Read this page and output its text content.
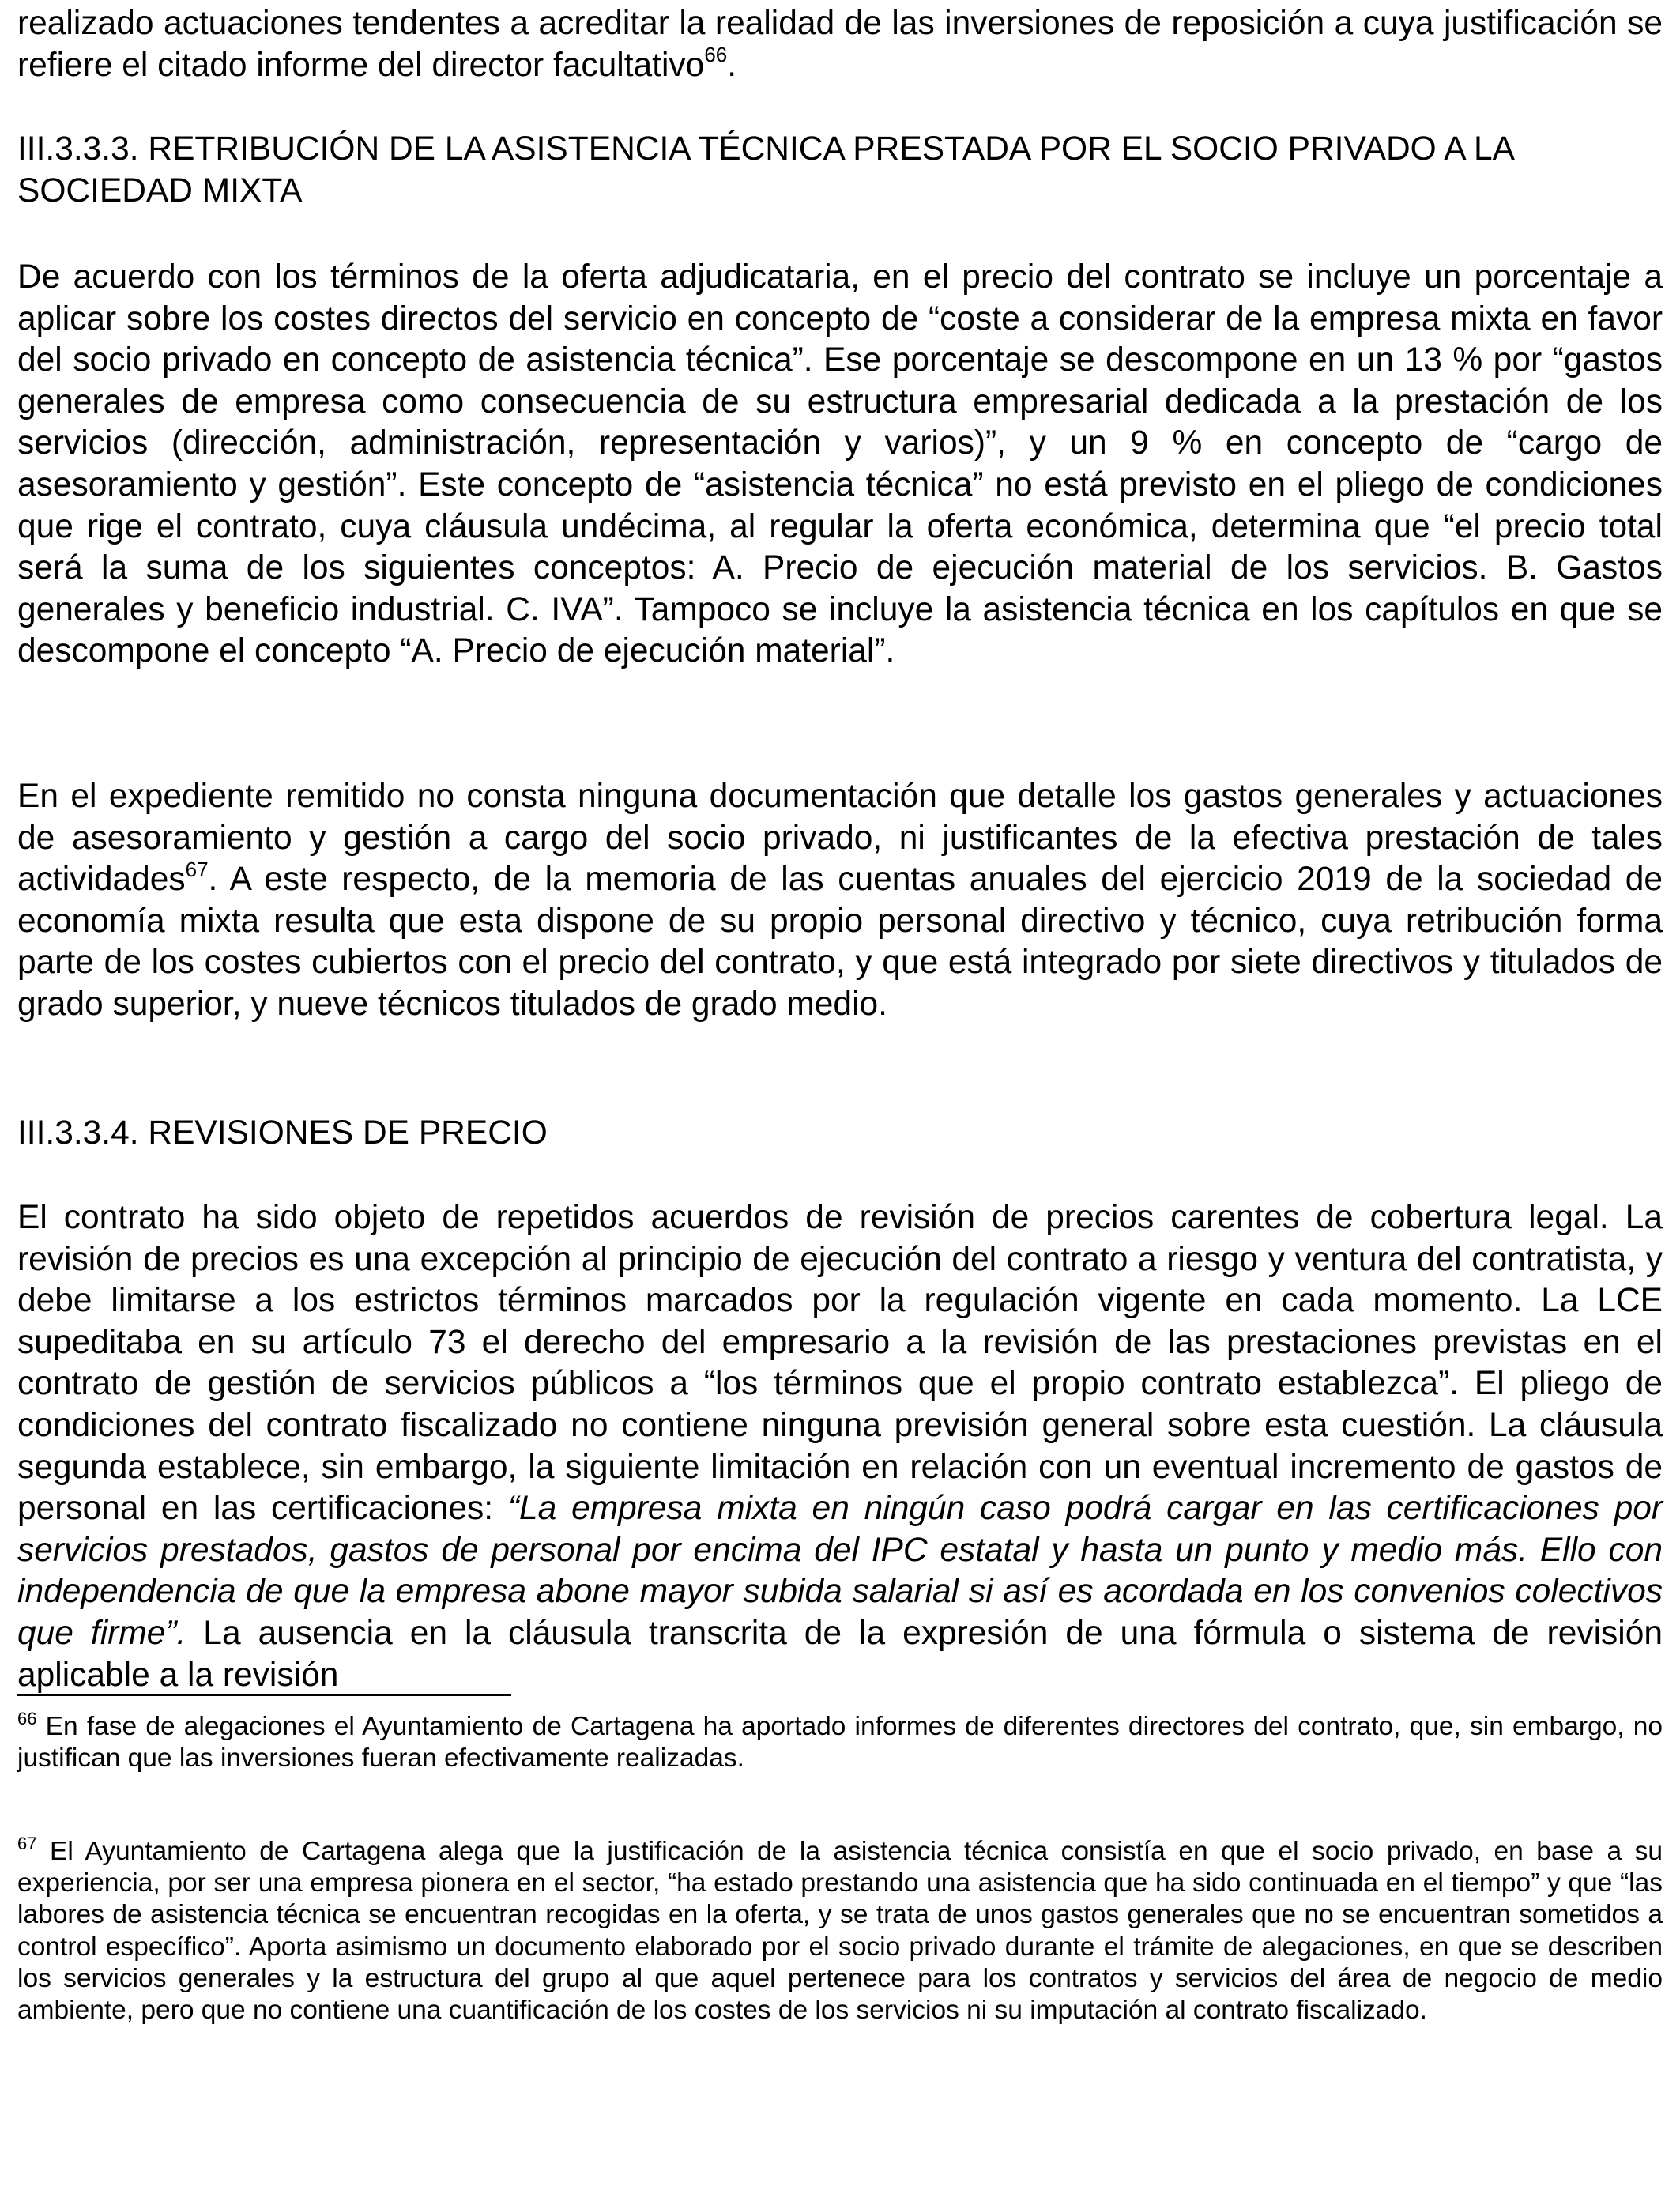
realizado actuaciones tendentes a acreditar la realidad de las inversiones de reposición a cuya justificación se refiere el citado informe del director facultativo$^{66}$.

III.3.3.3. RETRIBUCIÓN DE LA ASISTENCIA TÉCNICA PRESTADA POR EL SOCIO PRIVADO A LA SOCIEDAD MIXTA

De acuerdo con los términos de la oferta adjudicataria, en el precio del contrato se incluye un porcentaje a aplicar sobre los costes directos del servicio en concepto de “coste a considerar de la empresa mixta en favor del socio privado en concepto de asistencia técnica”. Ese porcentaje se descompone en un 13 % por “gastos generales de empresa como consecuencia de su estructura empresarial dedicada a la prestación de los servicios (dirección, administración, representación y varios)”, y un 9 % en concepto de “cargo de asesoramiento y gestión”. Este concepto de “asistencia técnica” no está previsto en el pliego de condiciones que rige el contrato, cuya cláusula undécima, al regular la oferta económica, determina que “el precio total será la suma de los siguientes conceptos: A. Precio de ejecución material de los servicios. B. Gastos generales y beneficio industrial. C. IVA”. Tampoco se incluye la asistencia técnica en los capítulos en que se descompone el concepto “A. Precio de ejecución material”.

En el expediente remitido no consta ninguna documentación que detalle los gastos generales y actuaciones de asesoramiento y gestión a cargo del socio privado, ni justificantes de la efectiva prestación de tales actividades$^{67}$. A este respecto, de la memoria de las cuentas anuales del ejercicio 2019 de la sociedad de economía mixta resulta que esta dispone de su propio personal directivo y técnico, cuya retribución forma parte de los costes cubiertos con el precio del contrato, y que está integrado por siete directivos y titulados de grado superior, y nueve técnicos titulados de grado medio.

III.3.3.4. REVISIONES DE PRECIO

El contrato ha sido objeto de repetidos acuerdos de revisión de precios carentes de cobertura legal. La revisión de precios es una excepción al principio de ejecución del contrato a riesgo y ventura del contratista, y debe limitarse a los estrictos términos marcados por la regulación vigente en cada momento. La LCE supeditaba en su artículo 73 el derecho del empresario a la revisión de las prestaciones previstas en el contrato de gestión de servicios públicos a “los términos que el propio contrato establezca”. El pliego de condiciones del contrato fiscalizado no contiene ninguna previsión general sobre esta cuestión. La cláusula segunda establece, sin embargo, la siguiente limitación en relación con un eventual incremento de gastos de personal en las certificaciones: “La empresa mixta en ningún caso podrá cargar en las certificaciones por servicios prestados, gastos de personal por encima del IPC estatal y hasta un punto y medio más. Ello con independencia de que la empresa abone mayor subida salarial si así es acordada en los convenios colectivos que firme”. La ausencia en la cláusula transcrita de la expresión de una fórmula o sistema de revisión aplicable a la revisión

$^{66}$ En fase de alegaciones el Ayuntamiento de Cartagena ha aportado informes de diferentes directores del contrato, que, sin embargo, no justifican que las inversiones fueran efectivamente realizadas.

$^{67}$ El Ayuntamiento de Cartagena alega que la justificación de la asistencia técnica consistía en que el socio privado, en base a su experiencia, por ser una empresa pionera en el sector, “ha estado prestando una asistencia que ha sido continuada en el tiempo” y que “las labores de asistencia técnica se encuentran recogidas en la oferta, y se trata de unos gastos generales que no se encuentran sometidos a control específico”. Aporta asimismo un documento elaborado por el socio privado durante el trámite de alegaciones, en que se describen los servicios generales y la estructura del grupo al que aquel pertenece para los contratos y servicios del área de negocio de medio ambiente, pero que no contiene una cuantificación de los costes de los servicios ni su imputación al contrato fiscalizado.
